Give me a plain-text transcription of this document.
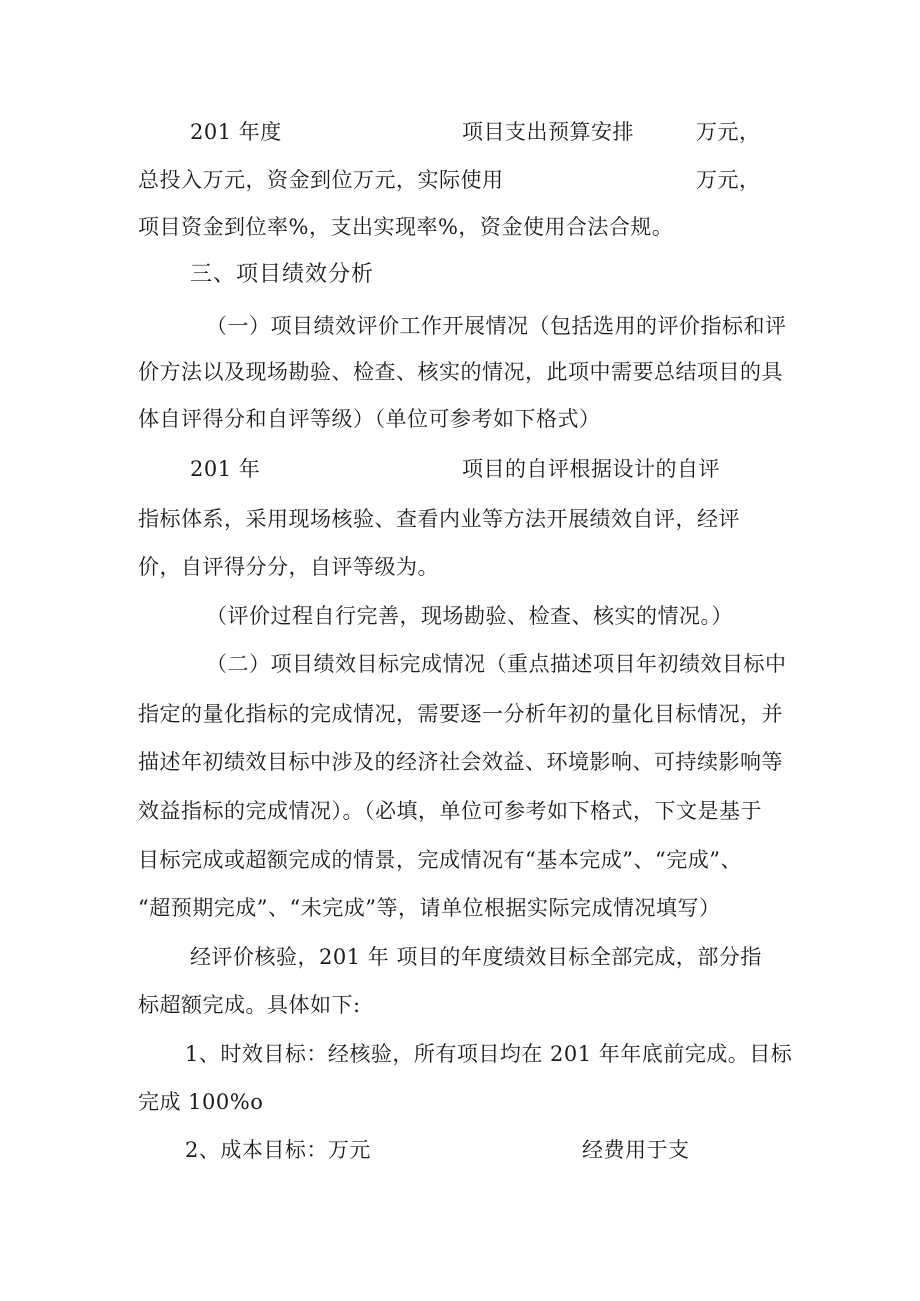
201 年度	项目支出预算安排	万元，
总投入万元，资金到位万元，实际使用	万元，
项目资金到位率%，支出实现率%，资金使用合法合规。
三、项目绩效分析
（一）项目绩效评价工作开展情况（包括选用的评价指标和评
价方法以及现场勘验、检查、核实的情况，此项中需要总结项目的具
体自评得分和自评等级）（单位可参考如下格式）
201 年	项目的自评根据设计的自评
指标体系，采用现场核验、查看内业等方法开展绩效自评，经评
价，自评得分分，自评等级为。
（评价过程自行完善，现场勘验、检查、核实的情况。）
（二）项目绩效目标完成情况（重点描述项目年初绩效目标中
指定的量化指标的完成情况，需要逐一分析年初的量化目标情况，并
描述年初绩效目标中涉及的经济社会效益、环境影响、可持续影响等
效益指标的完成情况）。（必填，单位可参考如下格式，下文是基于
目标完成或超额完成的情景，完成情况有“基本完成”、“完成”、
“超预期完成”、“未完成”等，请单位根据实际完成情况填写）
经评价核验，201 年 项目的年度绩效目标全部完成，部分指
标超额完成。具体如下:
1、时效目标：经核验，所有项目均在 201 年年底前完成。目标
完成 100%o
2、成本目标：万元	经费用于支
